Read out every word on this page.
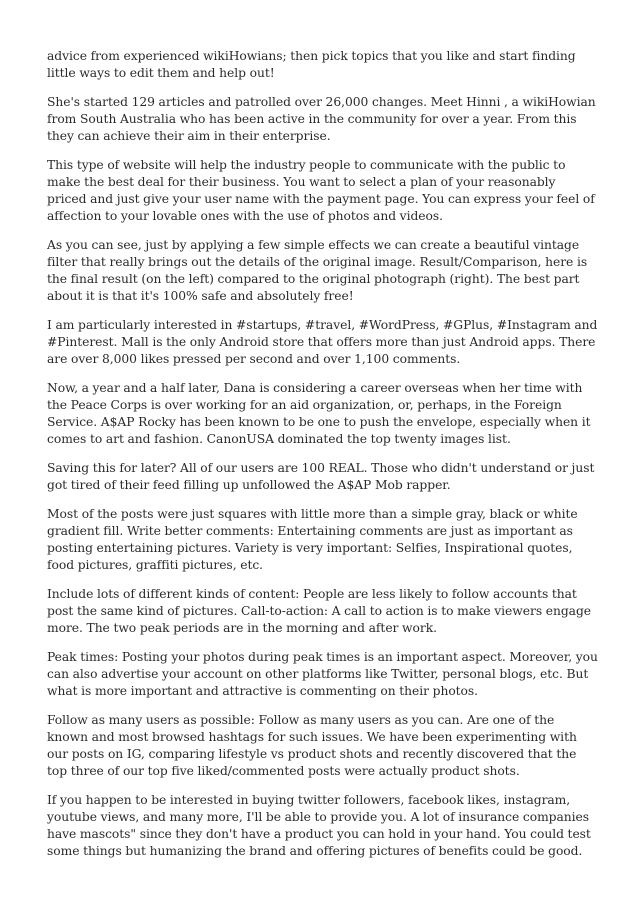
advice from experienced wikiHowians; then pick topics that you like and start finding little ways to edit them and help out!

She's started 129 articles and patrolled over 26,000 changes. Meet Hinni , a wikiHowian from South Australia who has been active in the community for over a year. From this they can achieve their aim in their enterprise.

This type of website will help the industry people to communicate with the public to make the best deal for their business. You want to select a plan of your reasonably priced and just give your user name with the payment page. You can express your feel of affection to your lovable ones with the use of photos and videos.

As you can see, just by applying a few simple effects we can create a beautiful vintage filter that really brings out the details of the original image. Result/Comparison, here is the final result (on the left) compared to the original photograph (right). The best part about it is that it's 100% safe and absolutely free!

I am particularly interested in #startups, #travel, #WordPress, #GPlus, #Instagram and #Pinterest. Mall is the only Android store that offers more than just Android apps. There are over 8,000 likes pressed per second and over 1,100 comments.

Now, a year and a half later, Dana is considering a career overseas when her time with the Peace Corps is over working for an aid organization, or, perhaps, in the Foreign Service. A$AP Rocky has been known to be one to push the envelope, especially when it comes to art and fashion. CanonUSA dominated the top twenty images list.

Saving this for later? All of our users are 100 REAL. Those who didn't understand or just got tired of their feed filling up unfollowed the A$AP Mob rapper.

Most of the posts were just squares with little more than a simple gray, black or white gradient fill. Write better comments: Entertaining comments are just as important as posting entertaining pictures. Variety is very important: Selfies, Inspirational quotes, food pictures, graffiti pictures, etc.

Include lots of different kinds of content: People are less likely to follow accounts that post the same kind of pictures. Call-to-action: A call to action is to make viewers engage more. The two peak periods are in the morning and after work.

Peak times: Posting your photos during peak times is an important aspect. Moreover, you can also advertise your account on other platforms like Twitter, personal blogs, etc. But what is more important and attractive is commenting on their photos.

Follow as many users as possible: Follow as many users as you can. Are one of the known and most browsed hashtags for such issues. We have been experimenting with our posts on IG, comparing lifestyle vs product shots and recently discovered that the top three of our top five liked/commented posts were actually product shots.

If you happen to be interested in buying twitter followers, facebook likes, instagram, youtube views, and many more, I'll be able to provide you. A lot of insurance companies have mascots" since they don't have a product you can hold in your hand. You could test some things but humanizing the brand and offering pictures of benefits could be good.
